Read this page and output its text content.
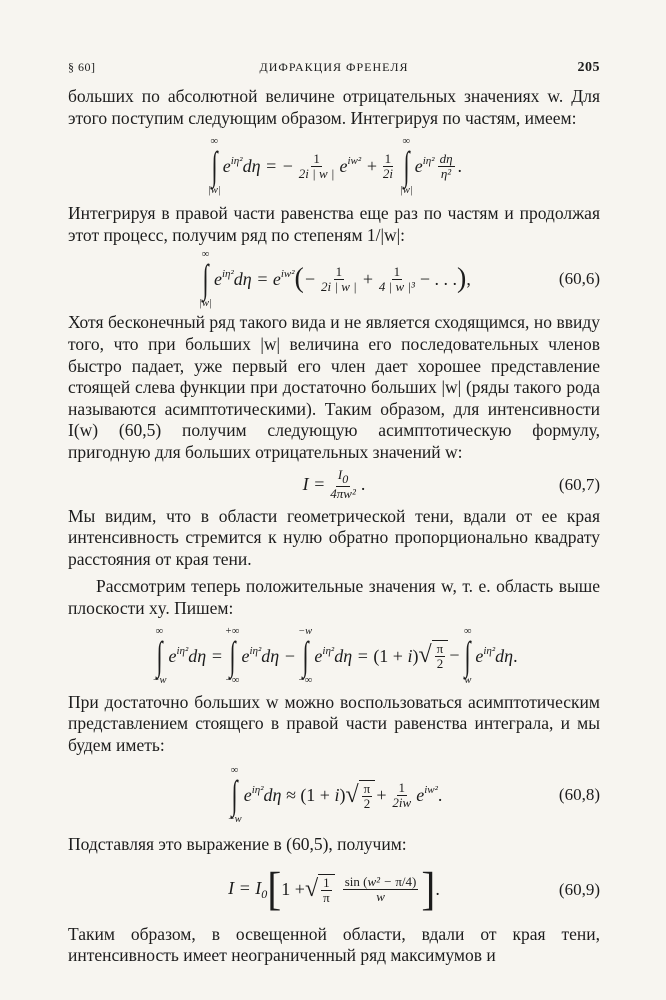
§ 60]	ДИФРАКЦИЯ ФРЕНЕЛЯ	205

больших по абсолютной величине отрицательных значениях w. Для этого поступим следующим образом. Интегрируя по частям, имеем:

∞
∫
|w|
$e^{i\eta^2}d\eta$ = − $\frac{1}{2i | w |} e^{iw^2} + \frac{1}{2i}$
∞
∫
|w|
$e^{i\eta^2} \frac{d\eta}{\text{η²}}$ .

Интегрируя в правой части равенства еще раз по частям и продолжая этот процесс, получим ряд по степеням 1/|w|:

∞
∫
|w|
$e^{i\eta^2}d\eta = e^{iw^2}$ ( − $\frac{1}{2i | w |} + \frac{1}{\text{4 | w |³}}$ − . . . ) ,	(60,6)

Хотя бесконечный ряд такого вида и не является сходящимся, но ввиду того, что при больших |w| величина его последовательных членов быстро падает, уже первый его член дает хорошее представление стоящей слева функции при достаточно больших |w| (ряды такого рода называются асимптотическими). Таким образом, для интенсивности I(w) (60,5) получим следующую асимптотическую формулу, пригодную для больших отрицательных значений w:

$I = \frac{I0}{\text{4πw²}}$ .	(60,7)

Мы видим, что в области геометрической тени, вдали от ее края интенсивность стремится к нулю обратно пропорционально квадрату расстояния от края тени.

Рассмотрим теперь положительные значения w, т. е. область выше плоскости xy. Пишем:

∞
∫
−w
$e^{i\eta^2}d\eta$ =
+∞
∫
−∞
$e^{i\eta^2}d\eta$ −
−w
∫
−∞
$e^{i\eta^2}d\eta = (1 + i)$ √ $\frac{\pi}{2}$ −
∞
∫
w
$e^{i\eta^2}d\eta$.

При достаточно больших w можно воспользоваться асимптотическим представлением стоящего в правой части равенства интеграла, и мы будем иметь:

∞
∫
−w
$e^{i\eta^2}d\eta \approx (1 + i)$ √ $\frac{\pi}{2} + \frac{1}{2iw} e^{iw^2}$.	(60,8)

Подставляя это выражение в (60,5), получим:

$I = I_0$ [ 1 + √ $\frac{1}{\pi} \frac{\text{sin (w² − π/4)}}{w}$ ] .	(60,9)

Таким образом, в освещенной области, вдали от края тени, интенсивность имеет неограниченный ряд максимумов и
